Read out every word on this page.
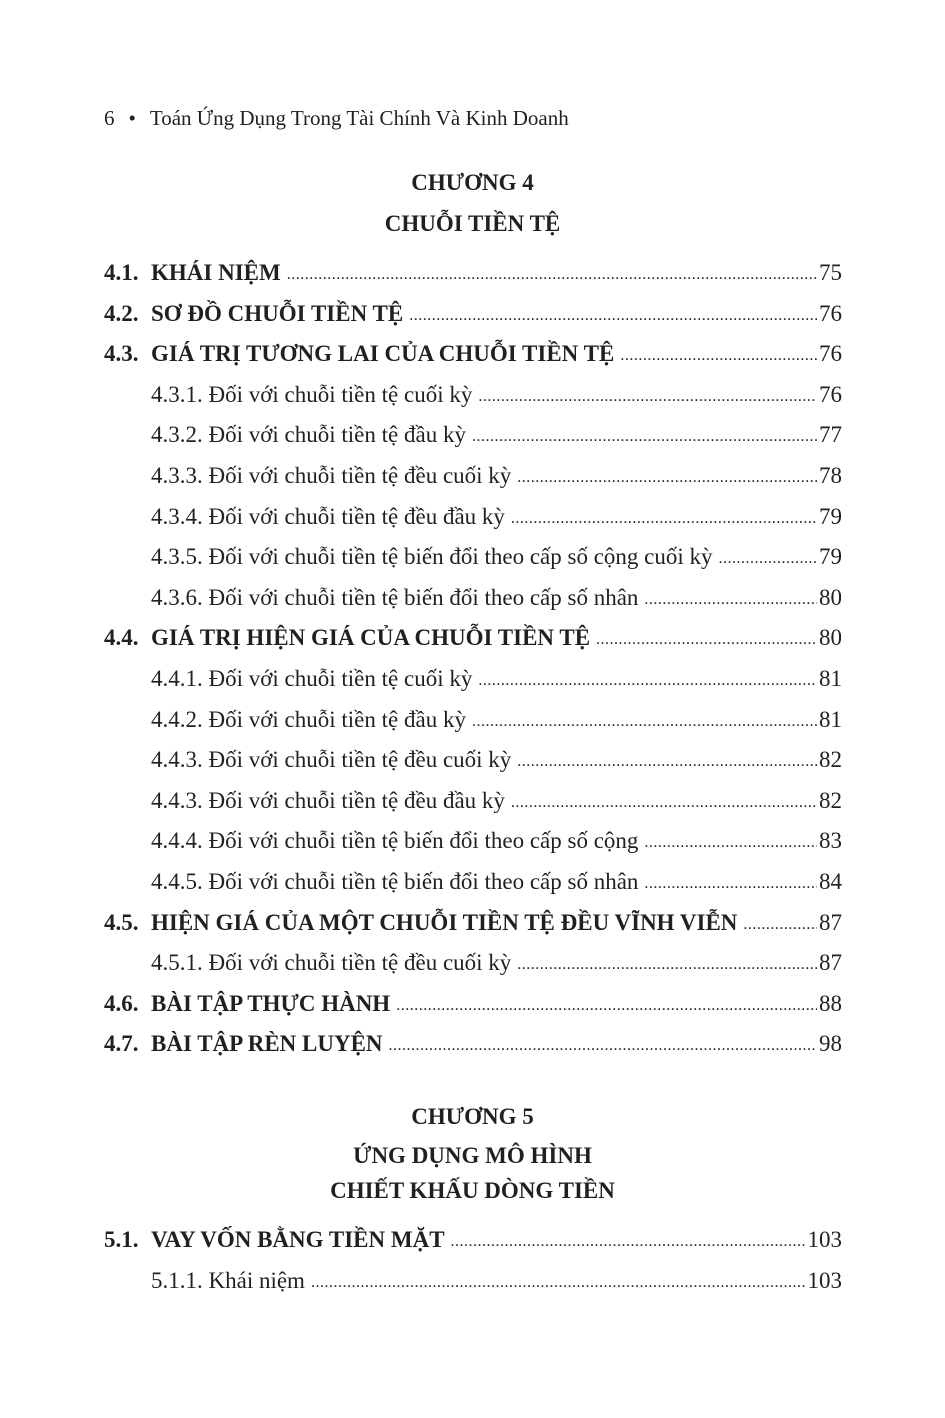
6 • Toán Ứng Dụng Trong Tài Chính Và Kinh Doanh
CHƯƠNG 4
CHUỖI TIỀN TỆ
4.1. KHÁI NIỆM .....	75
4.2. SƠ ĐỒ CHUỖI TIỀN TỆ .....	76
4.3. GIÁ TRỊ TƯƠNG LAI CỦA CHUỖI TIỀN TỆ .....	76
4.3.1. Đối với chuỗi tiền tệ cuối kỳ .....	76
4.3.2. Đối với chuỗi tiền tệ đầu kỳ .....	77
4.3.3. Đối với chuỗi tiền tệ đều cuối kỳ .....	78
4.3.4. Đối với chuỗi tiền tệ đều đầu kỳ .....	79
4.3.5. Đối với chuỗi tiền tệ biến đổi theo cấp số cộng cuối kỳ .....	79
4.3.6. Đối với chuỗi tiền tệ biến đổi theo cấp số nhân .....	80
4.4. GIÁ TRỊ HIỆN GIÁ CỦA CHUỖI TIỀN TỆ .....	80
4.4.1. Đối với chuỗi tiền tệ cuối kỳ .....	81
4.4.2. Đối với chuỗi tiền tệ đầu kỳ .....	81
4.4.3. Đối với chuỗi tiền tệ đều cuối kỳ .....	82
4.4.3. Đối với chuỗi tiền tệ đều đầu kỳ .....	82
4.4.4. Đối với chuỗi tiền tệ biến đổi theo cấp số cộng .....	83
4.4.5. Đối với chuỗi tiền tệ biến đổi theo cấp số nhân .....	84
4.5. HIỆN GIÁ CỦA MỘT CHUỖI TIỀN TỆ ĐỀU VĨNH VIỄN .....	87
4.5.1. Đối với chuỗi tiền tệ đều cuối kỳ .....	87
4.6. BÀI TẬP THỰC HÀNH .....	88
4.7. BÀI TẬP RÈN LUYỆN .....	98
CHƯƠNG 5
ỨNG DỤNG MÔ HÌNH
CHIẾT KHẤU DÒNG TIỀN
5.1. VAY VỐN BẰNG TIỀN MẶT .....	103
5.1.1. Khái niệm .....	103
